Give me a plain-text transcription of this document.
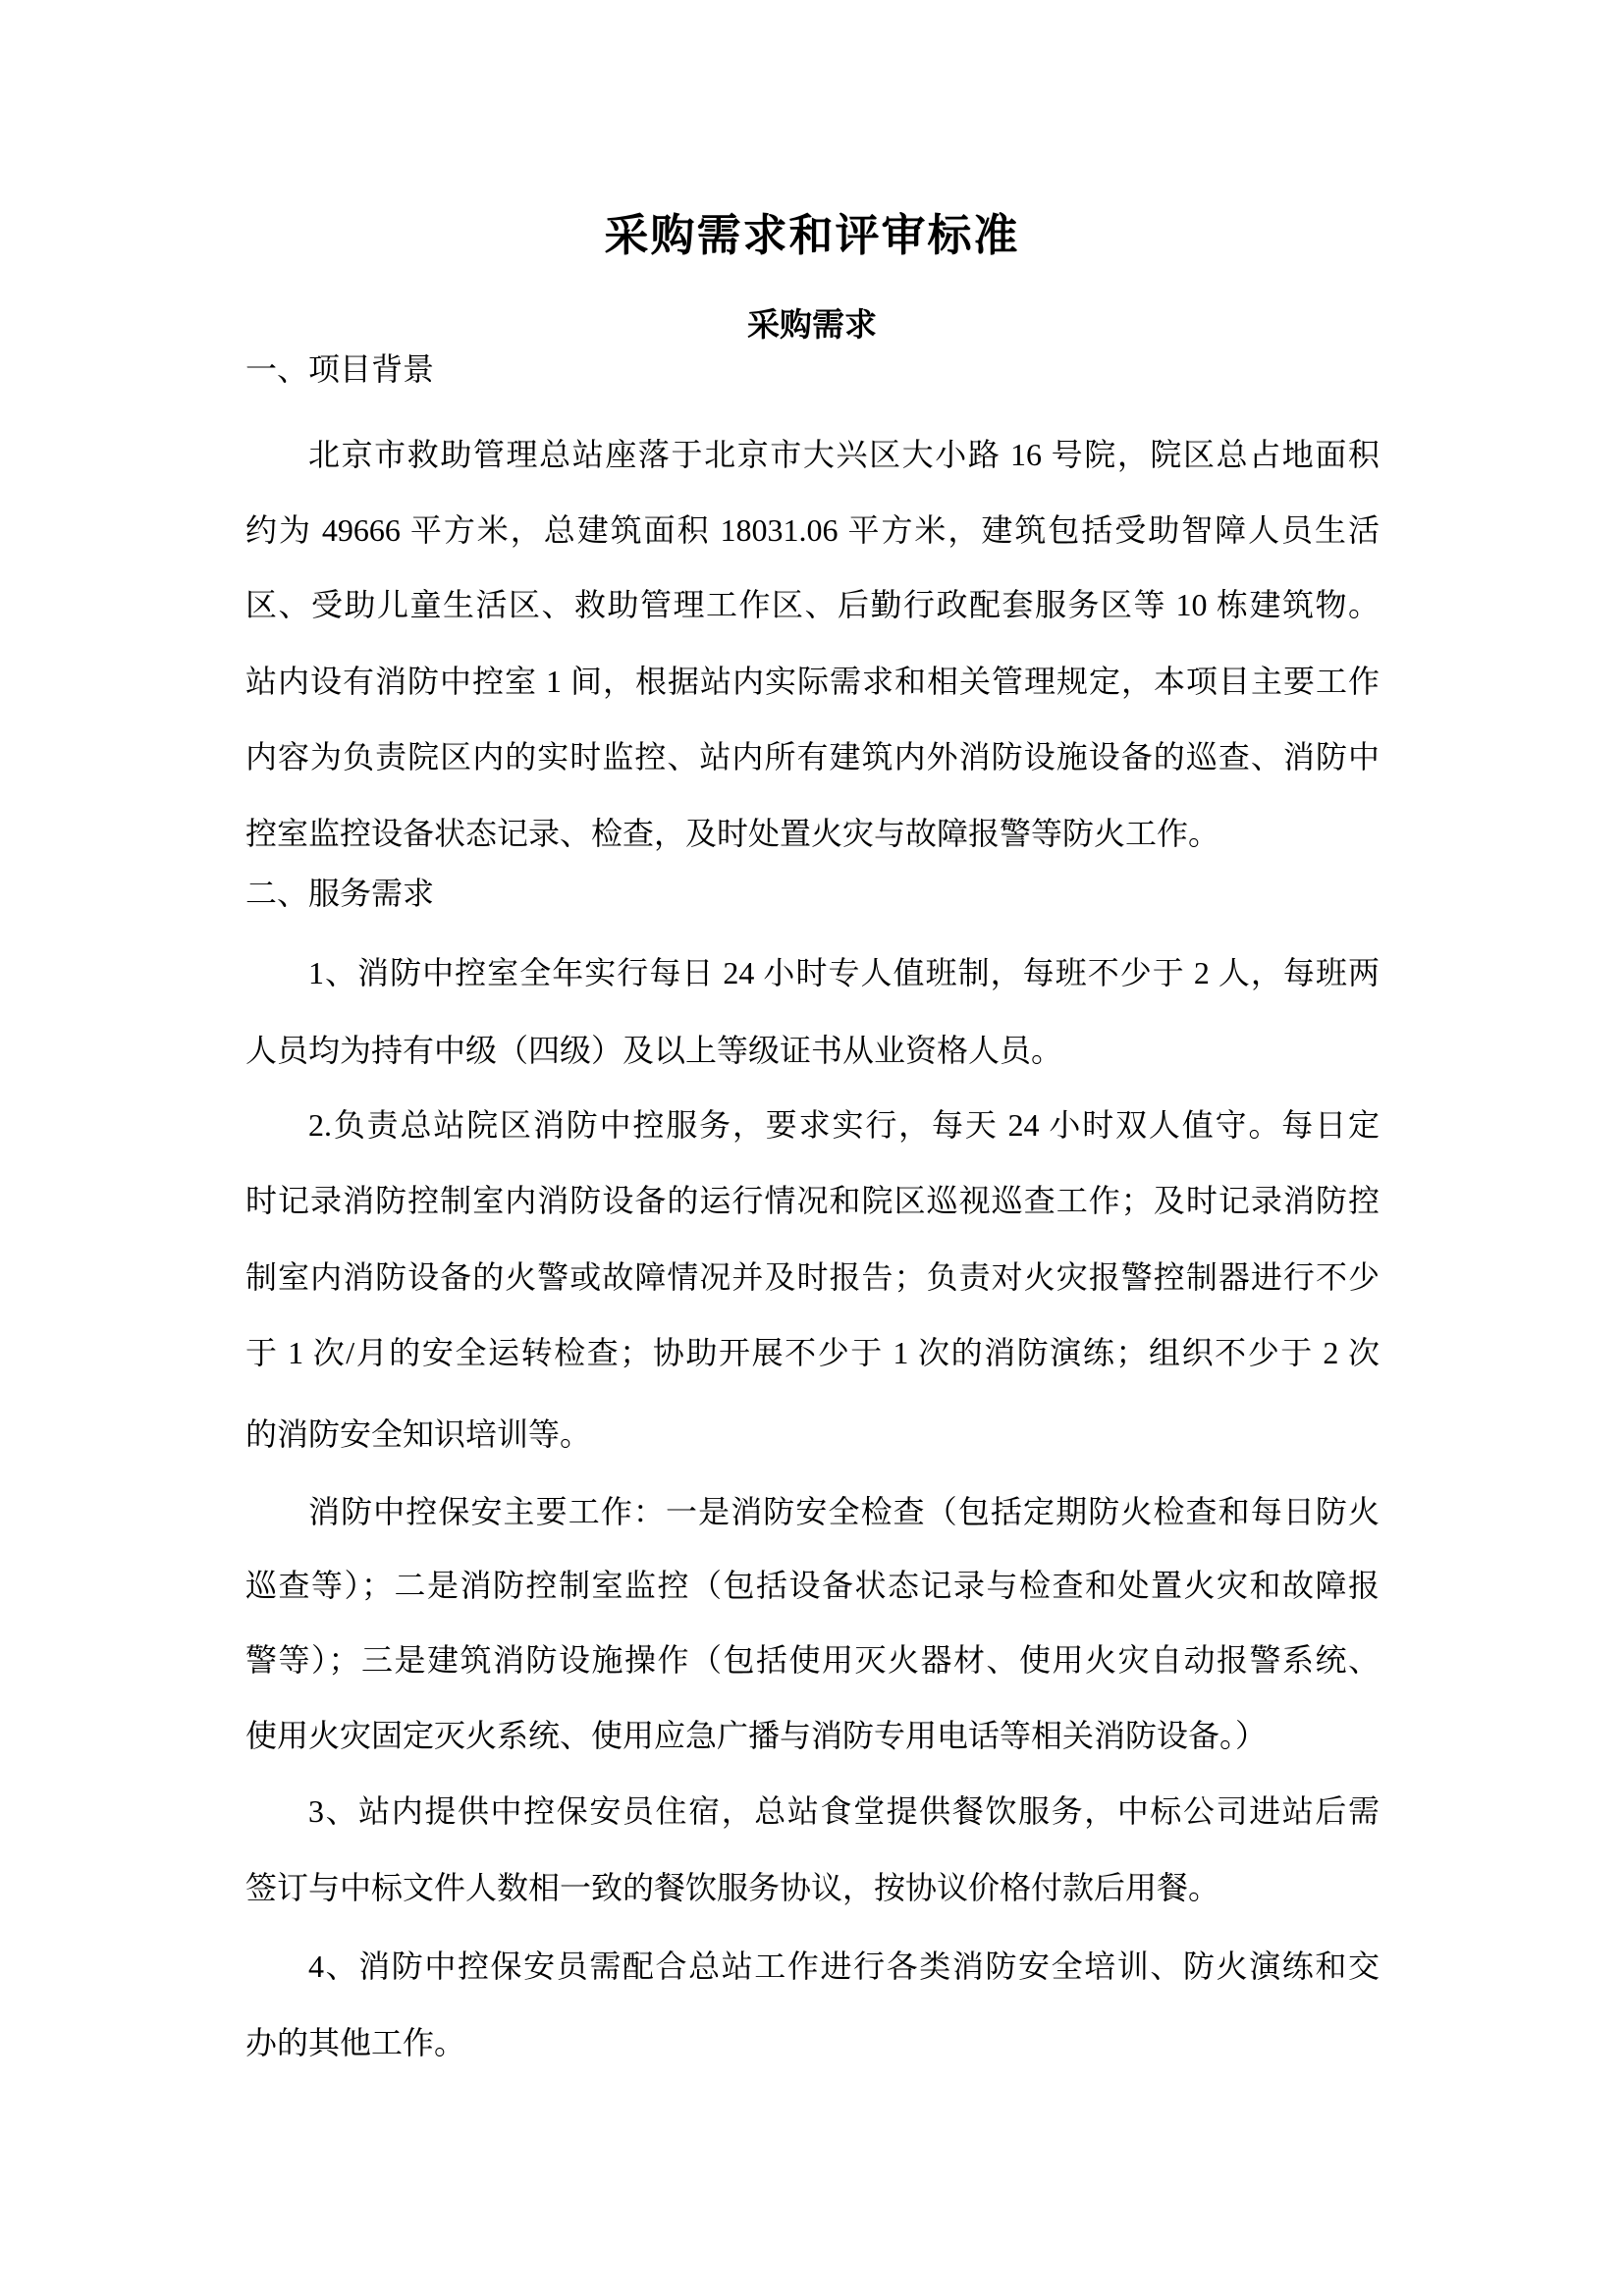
采购需求和评审标准
采购需求
一、项目背景
北京市救助管理总站座落于北京市大兴区大小路 16 号院，院区总占地面积
约为 49666 平方米，总建筑面积 18031.06 平方米，建筑包括受助智障人员生活
区、受助儿童生活区、救助管理工作区、后勤行政配套服务区等 10 栋建筑物。
站内设有消防中控室 1 间，根据站内实际需求和相关管理规定，本项目主要工作
内容为负责院区内的实时监控、站内所有建筑内外消防设施设备的巡查、消防中
控室监控设备状态记录、检查，及时处置火灾与故障报警等防火工作。
二、服务需求
1、消防中控室全年实行每日 24 小时专人值班制，每班不少于 2 人，每班两
人员均为持有中级（四级）及以上等级证书从业资格人员。
2.负责总站院区消防中控服务，要求实行，每天 24 小时双人值守。每日定
时记录消防控制室内消防设备的运行情况和院区巡视巡查工作；及时记录消防控
制室内消防设备的火警或故障情况并及时报告；负责对火灾报警控制器进行不少
于 1 次/月的安全运转检查；协助开展不少于 1 次的消防演练；组织不少于 2 次
的消防安全知识培训等。
消防中控保安主要工作：一是消防安全检查（包括定期防火检查和每日防火
巡查等）；二是消防控制室监控（包括设备状态记录与检查和处置火灾和故障报
警等）；三是建筑消防设施操作（包括使用灭火器材、使用火灾自动报警系统、
使用火灾固定灭火系统、使用应急广播与消防专用电话等相关消防设备。）
3、站内提供中控保安员住宿，总站食堂提供餐饮服务，中标公司进站后需
签订与中标文件人数相一致的餐饮服务协议，按协议价格付款后用餐。
4、消防中控保安员需配合总站工作进行各类消防安全培训、防火演练和交
办的其他工作。
